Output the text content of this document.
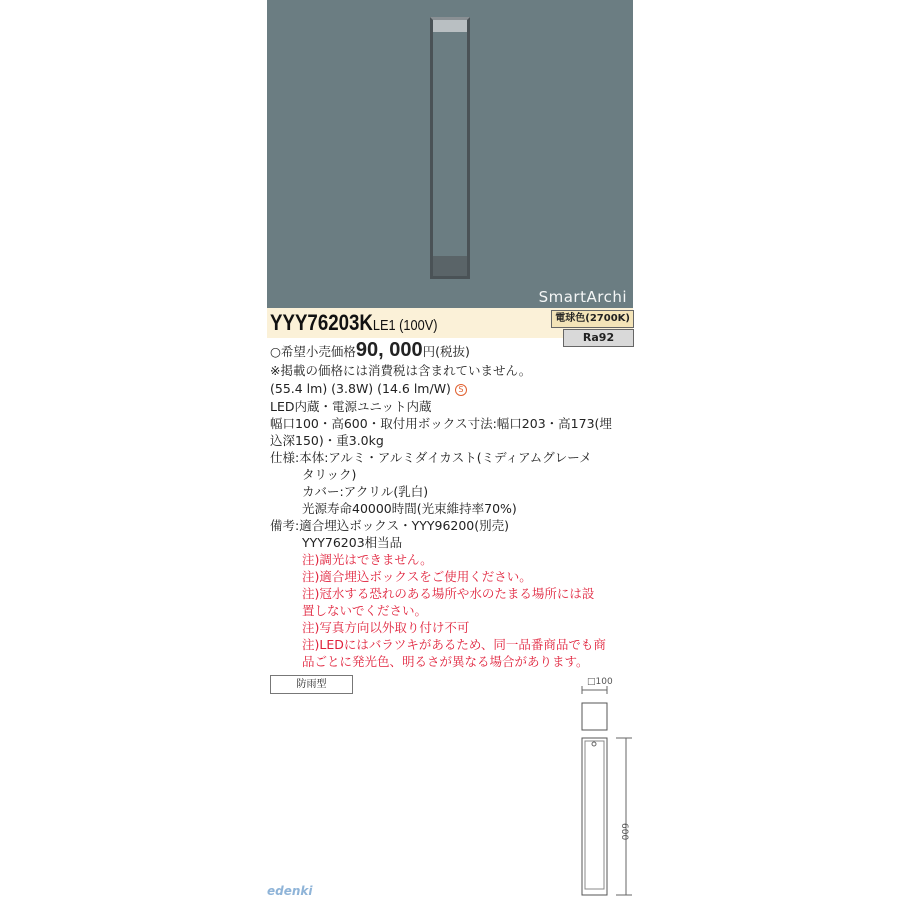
SmartArchi
YYY76203KLE1 (100V)	電球色(2700K)
Ra92
○希望小売価格90, 000円(税抜)
※掲載の価格には消費税は含まれていません。
(55.4 lm) (3.8W) (14.6 lm/W) S
LED内蔵・電源ユニット内蔵
幅口100・高600・取付用ボックス寸法:幅口203・高173(埋
込深150)・重3.0kg
仕様:本体:アルミ・アルミダイカスト(ミディアムグレーメ
タリック)
カバー:アクリル(乳白)
光源寿命40000時間(光束維持率70%)
備考:適合埋込ボックス・YYY96200(別売)
YYY76203相当品
注)調光はできません。
注)適合埋込ボックスをご使用ください。
注)冠水する恐れのある場所や水のたまる場所には設
置しないでください。
注)写真方向以外取り付け不可
注)LEDにはバラツキがあるため、同一品番商品でも商
品ごとに発光色、明るさが異なる場合があります。
防雨型	□100
600
edenki
